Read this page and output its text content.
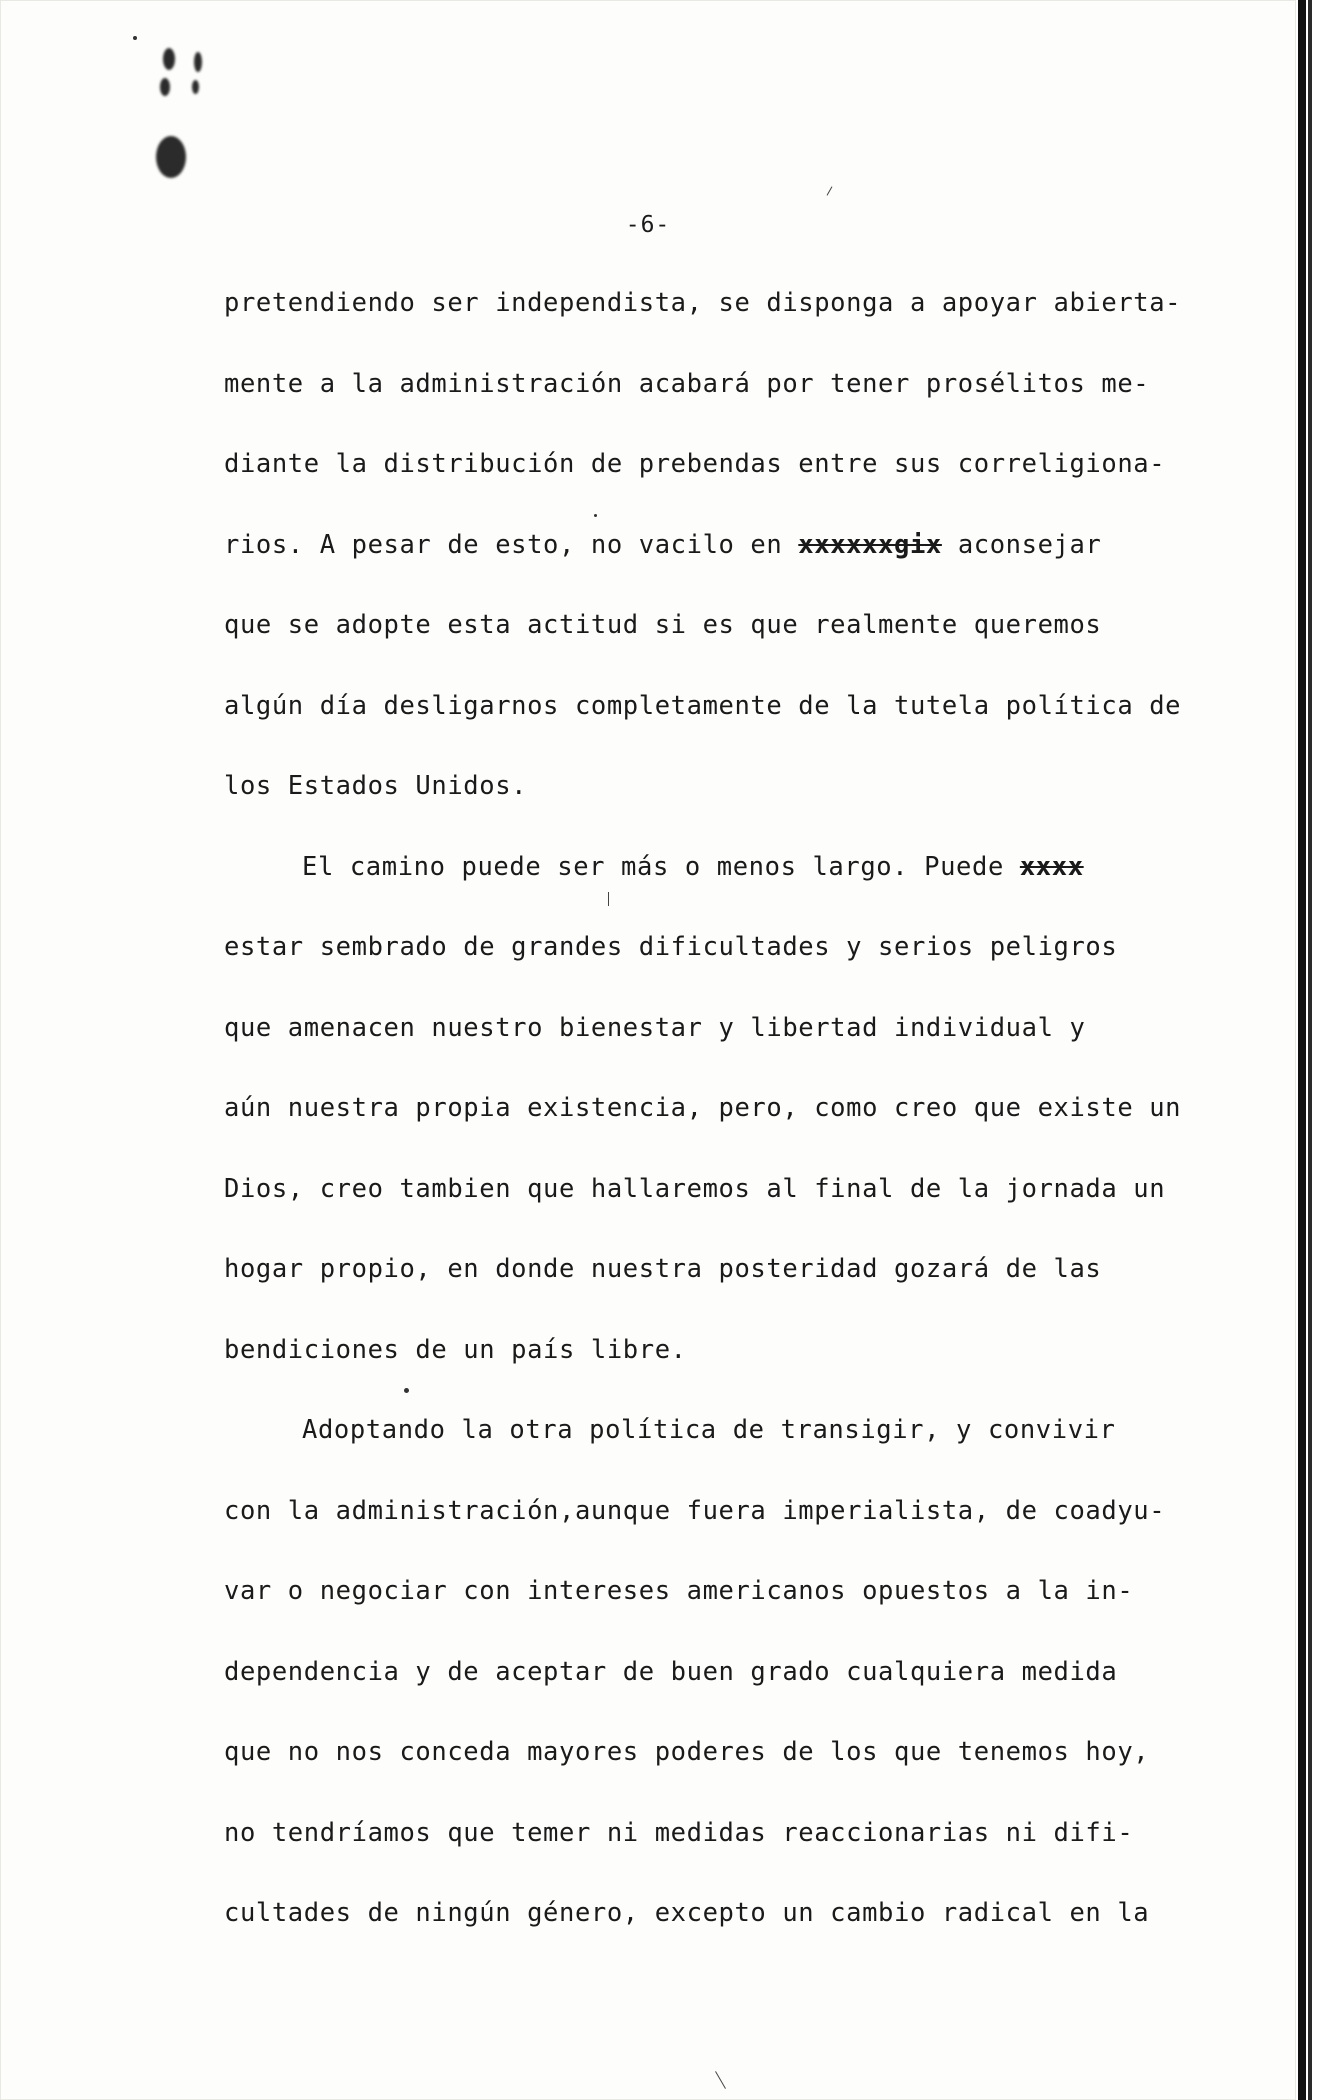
-6-
pretendiendo ser independista, se disponga a apoyar abierta-
mente a la administración acabará por tener prosélitos me-
diante la distribución de prebendas entre sus correligiona-
rios. A pesar de esto, no vacilo en xxxxxxgix aconsejar
que se adopte esta actitud si es que realmente queremos
algún día desligarnos completamente de la tutela política de
los Estados Unidos.
El camino puede ser más o menos largo. Puede xxxx
estar sembrado de grandes dificultades y serios peligros
que amenacen nuestro bienestar y libertad individual y
aún nuestra propia existencia, pero, como creo que existe un
Dios, creo tambien que hallaremos al final de la jornada un
hogar propio, en donde nuestra posteridad gozará de las
bendiciones de un país libre.
Adoptando la otra política de transigir, y convivir
con la administración,aunque fuera imperialista, de coadyu-
var o negociar con intereses americanos opuestos a la in-
dependencia y de aceptar de buen grado cualquiera medida
que no nos conceda mayores poderes de los que tenemos hoy,
no tendríamos que temer ni medidas reaccionarias ni difi-
cultades de ningún género, excepto un cambio radical en la
